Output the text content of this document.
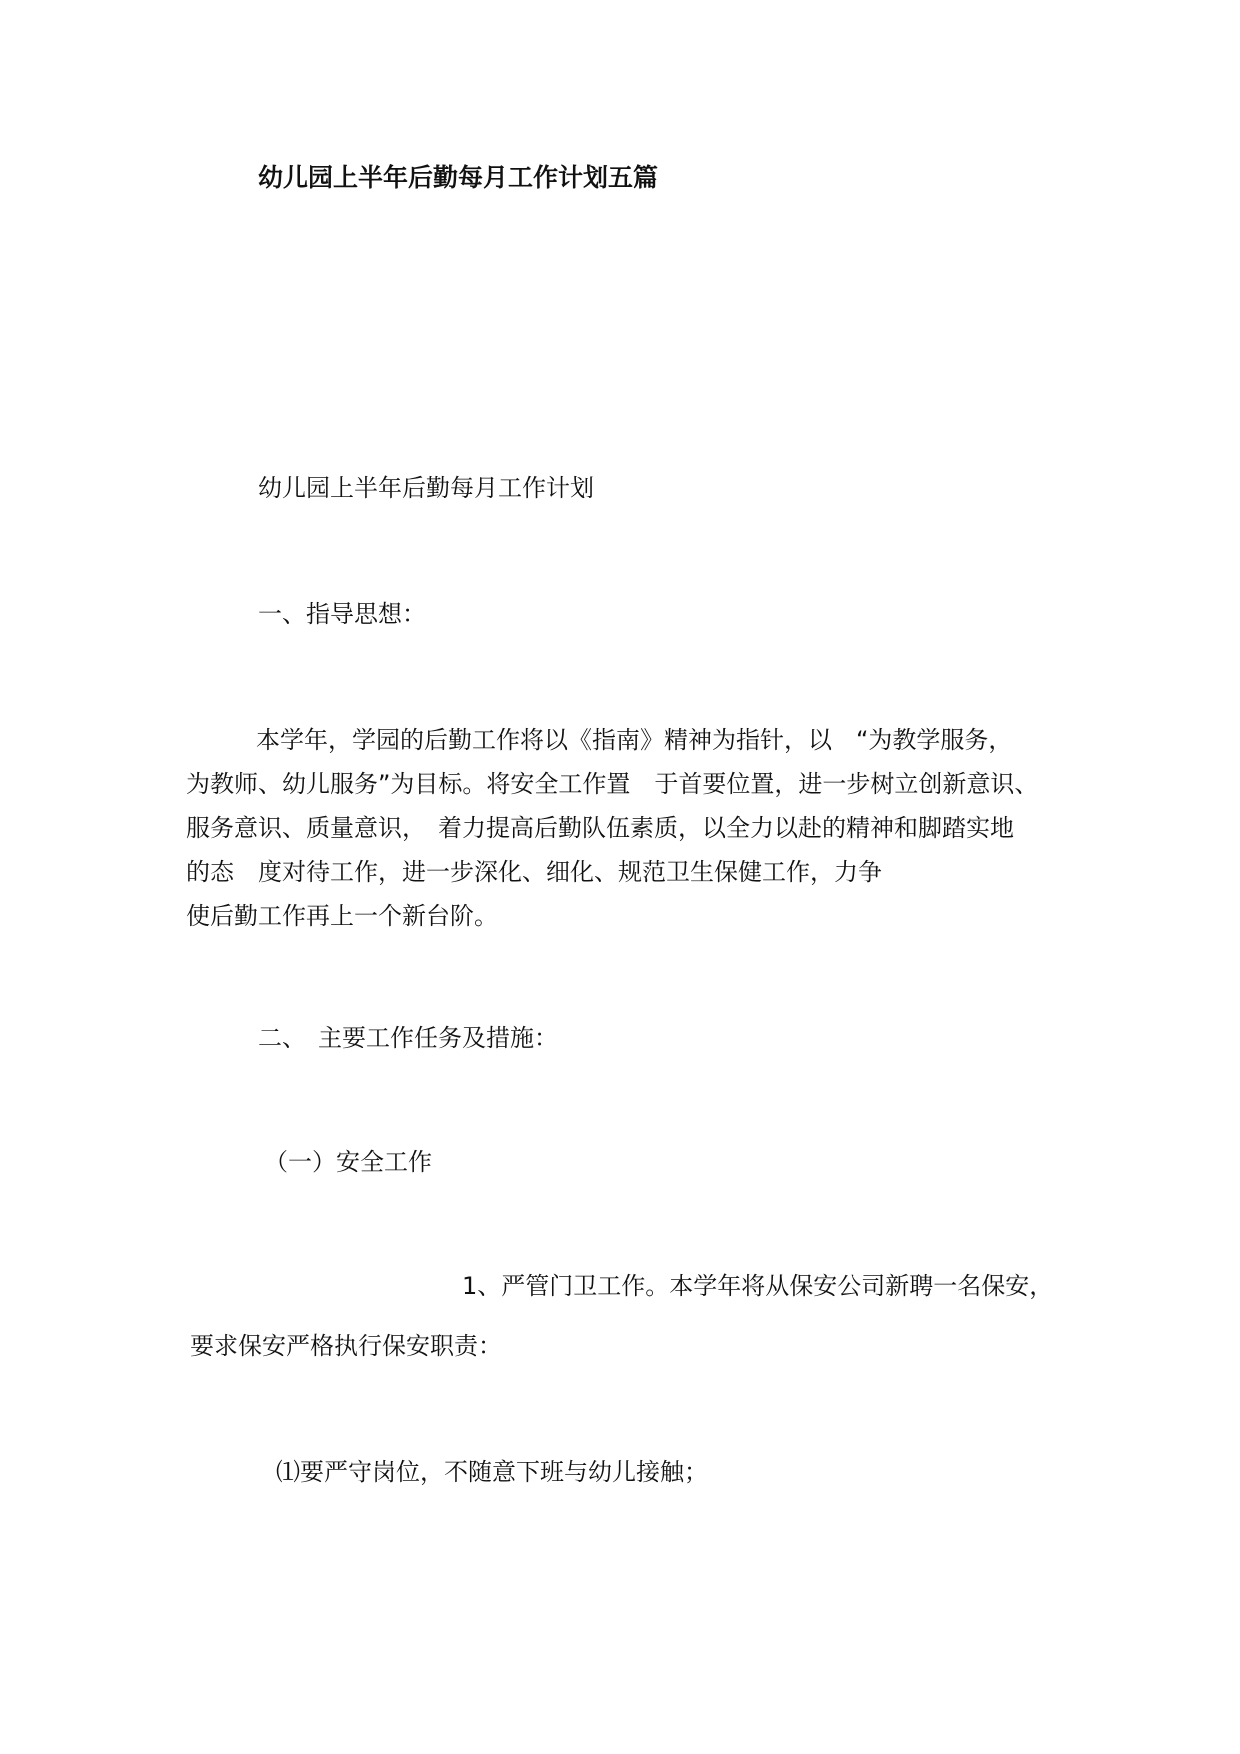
幼儿园上半年后勤每月工作计划五篇
幼儿园上半年后勤每月工作计划
一、指导思想：
本学年，学园的后勤工作将以《指南》精神为指针，以　“为教学服务，
为教师、幼儿服务”为目标。将安全工作置　于首要位置，进一步树立创新意识、
服务意识、质量意识，　着力提高后勤队伍素质，以全力以赴的精神和脚踏实地
的态　度对待工作，进一步深化、细化、规范卫生保健工作，力争
使后勤工作再上一个新台阶。
二、　主要工作任务及措施：
（一）安全工作
1、严管门卫工作。本学年将从保安公司新聘一名保安，
要求保安严格执行保安职责：
⑴要严守岗位，不随意下班与幼儿接触；
